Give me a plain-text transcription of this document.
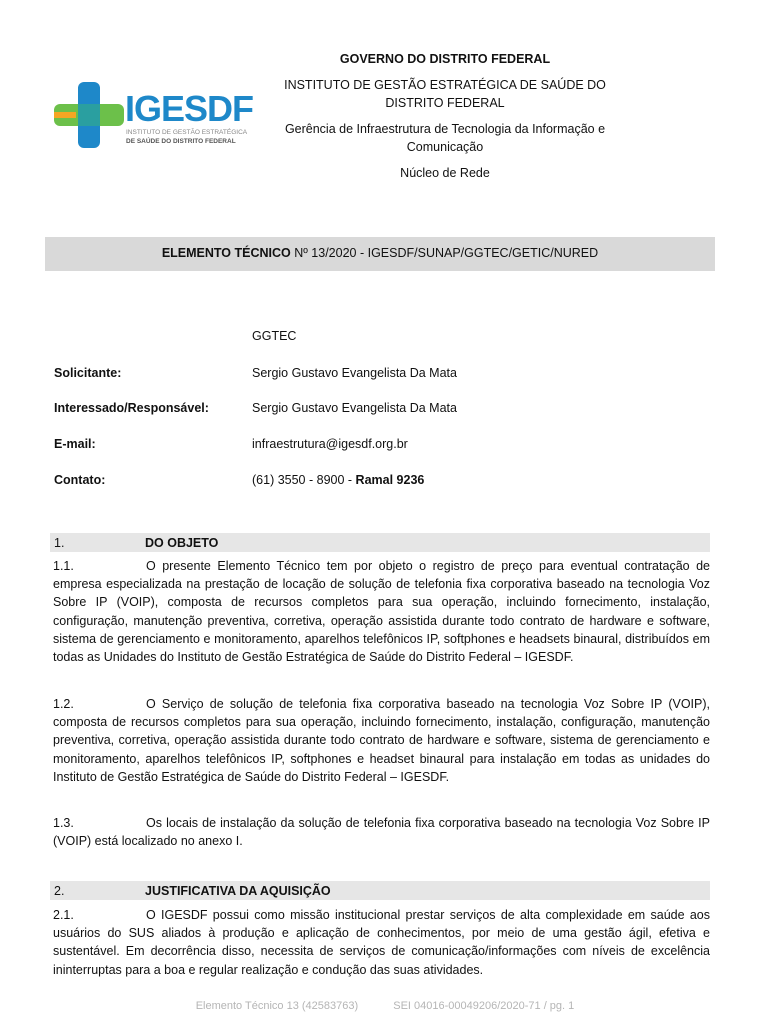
IGESDF
INSTITUTO DE GESTÃO ESTRATÉGICA
DE SAÚDE DO DISTRITO FEDERAL
GOVERNO DO DISTRITO FEDERAL
INSTITUTO DE GESTÃO ESTRATÉGICA DE SAÚDE DO
DISTRITO FEDERAL
Gerência de Infraestrutura de Tecnologia da Informação e
Comunicação
Núcleo de Rede
ELEMENTO TÉCNICO Nº 13/2020 - IGESDF/SUNAP/GGTEC/GETIC/NURED
GGTEC
Solicitante:	Sergio Gustavo Evangelista Da Mata
Interessado/Responsável:	Sergio Gustavo Evangelista Da Mata
E-mail:	infraestrutura@igesdf.org.br
Contato:	(61) 3550 - 8900 - Ramal 9236
1.	DO OBJETO
1.1.	O presente Elemento Técnico tem por objeto o registro de preço para eventual contratação de empresa especializada na prestação de locação de solução de telefonia fixa corporativa baseado na tecnologia Voz Sobre IP (VOIP), composta de recursos completos para sua operação, incluindo fornecimento, instalação, configuração, manutenção preventiva, corretiva, operação assistida durante todo contrato de hardware e software, sistema de gerenciamento e monitoramento, aparelhos telefônicos IP, softphones e headsets binaural, distribuídos em todas as Unidades do Instituto de Gestão Estratégica de Saúde do Distrito Federal – IGESDF.
1.2.	O Serviço de solução de telefonia fixa corporativa baseado na tecnologia Voz Sobre IP (VOIP), composta de recursos completos para sua operação, incluindo fornecimento, instalação, configuração, manutenção preventiva, corretiva, operação assistida durante todo contrato de hardware e software, sistema de gerenciamento e monitoramento, aparelhos telefônicos IP, softphones e headset binaural para instalação em todas as unidades do Instituto de Gestão Estratégica de Saúde do Distrito Federal – IGESDF.
1.3.	Os locais de instalação da solução de telefonia fixa corporativa baseado na tecnologia Voz Sobre IP (VOIP) está localizado no anexo I.
2.	JUSTIFICATIVA DA AQUISIÇÃO
2.1.	O IGESDF possui como missão institucional prestar serviços de alta complexidade em saúde aos usuários do SUS aliados à produção e aplicação de conhecimentos, por meio de uma gestão ágil, efetiva e sustentável. Em decorrência disso, necessita de serviços de comunicação/informações com níveis de excelência ininterruptas para a boa e regular realização e condução das suas atividades.
Elemento Técnico 13 (42583763)	SEI 04016-00049206/2020-71 / pg. 1
